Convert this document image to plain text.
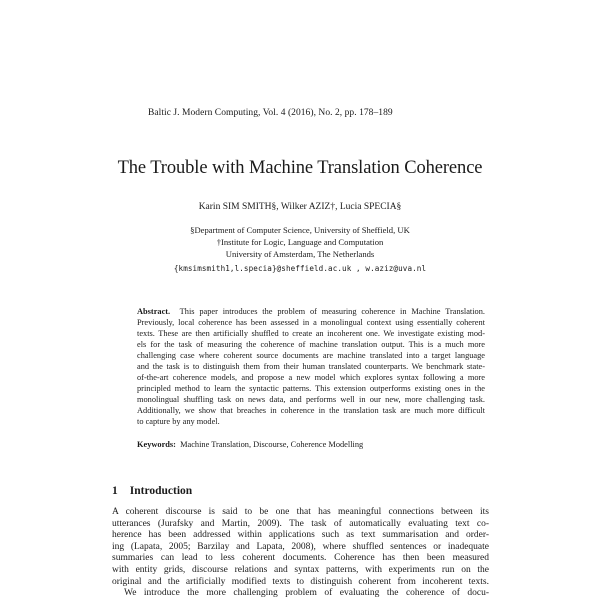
Baltic J. Modern Computing, Vol. 4 (2016), No. 2, pp. 178–189
The Trouble with Machine Translation Coherence
Karin SIM SMITH§, Wilker AZIZ†, Lucia SPECIA§
§Department of Computer Science, University of Sheffield, UK
†Institute for Logic, Language and Computation
University of Amsterdam, The Netherlands
{kmsimsmith1,l.specia}@sheffield.ac.uk , w.aziz@uva.nl
Abstract. This paper introduces the problem of measuring coherence in Machine Translation.
Previously, local coherence has been assessed in a monolingual context using essentially coherent
texts. These are then artificially shuffled to create an incoherent one. We investigate existing mod-
els for the task of measuring the coherence of machine translation output. This is a much more
challenging case where coherent source documents are machine translated into a target language
and the task is to distinguish them from their human translated counterparts. We benchmark state-
of-the-art coherence models, and propose a new model which explores syntax following a more
principled method to learn the syntactic patterns. This extension outperforms existing ones in the
monolingual shuffling task on news data, and performs well in our new, more challenging task.
Additionally, we show that breaches in coherence in the translation task are much more difficult
to capture by any model.
Keywords: Machine Translation, Discourse, Coherence Modelling
1 Introduction
A coherent discourse is said to be one that has meaningful connections between its
utterances (Jurafsky and Martin, 2009). The task of automatically evaluating text co-
herence has been addressed within applications such as text summarisation and order-
ing (Lapata, 2005; Barzilay and Lapata, 2008), where shuffled sentences or inadequate
summaries can lead to less coherent documents. Coherence has then been measured
with entity grids, discourse relations and syntax patterns, with experiments run on the
original and the artificially modified texts to distinguish coherent from incoherent texts.
We introduce the more challenging problem of evaluating the coherence of docu-
